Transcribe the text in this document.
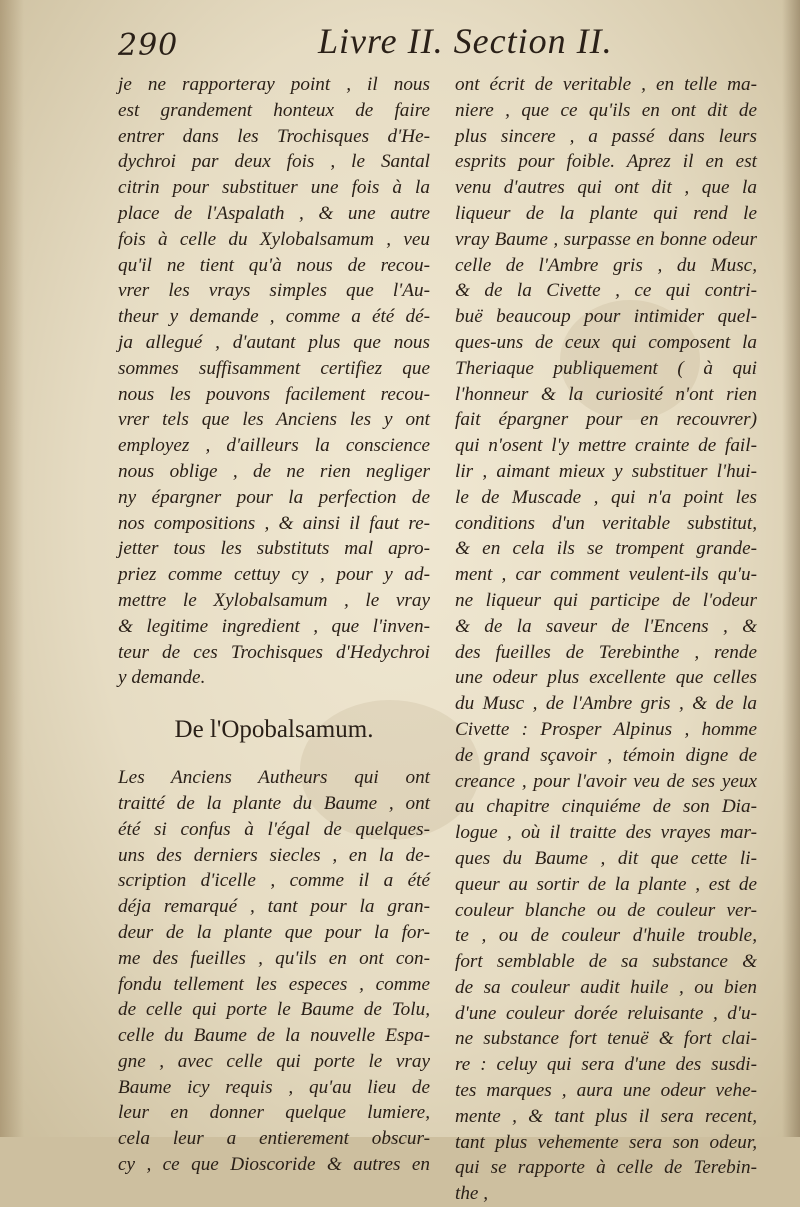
290	Livre II. Section II.
je ne rapporteray point , il nous
est grandement honteux de faire
entrer dans les Trochisques d'He-
dychroi par deux fois , le Santal
citrin pour substituer une fois à la
place de l'Aspalath , & une autre
fois à celle du Xylobalsamum , veu
qu'il ne tient qu'à nous de recou-
vrer les vrays simples que l'Au-
theur y demande , comme a été dé-
ja allegué , d'autant plus que nous
sommes suffisamment certifiez que
nous les pouvons facilement recou-
vrer tels que les Anciens les y ont
employez , d'ailleurs la conscience
nous oblige , de ne rien negliger
ny épargner pour la perfection de
nos compositions , & ainsi il faut re-
jetter tous les substituts mal apro-
priez comme cettuy cy , pour y ad-
mettre le Xylobalsamum , le vray
& legitime ingredient , que l'inven-
teur de ces Trochisques d'Hedychroi
y demande.
De l'Opobalsamum.
Les Anciens Autheurs qui ont
traitté de la plante du Baume , ont
été si confus à l'égal de quelques-
uns des derniers siecles , en la de-
scription d'icelle , comme il a été
déja remarqué , tant pour la gran-
deur de la plante que pour la for-
me des fueilles , qu'ils en ont con-
fondu tellement les especes , comme
de celle qui porte le Baume de Tolu,
celle du Baume de la nouvelle Espa-
gne , avec celle qui porte le vray
Baume icy requis , qu'au lieu de
leur en donner quelque lumiere,
cela leur a entierement obscur-
cy , ce que Dioscoride & autres en
ont écrit de veritable , en telle ma-
niere , que ce qu'ils en ont dit de
plus sincere , a passé dans leurs
esprits pour foible. Aprez il en est
venu d'autres qui ont dit , que la
liqueur de la plante qui rend le
vray Baume , surpasse en bonne odeur
celle de l'Ambre gris , du Musc,
& de la Civette , ce qui contri-
buë beaucoup pour intimider quel-
ques-uns de ceux qui composent la
Theriaque publiquement ( à qui
l'honneur & la curiosité n'ont rien
fait épargner pour en recouvrer)
qui n'osent l'y mettre crainte de fail-
lir , aimant mieux y substituer l'hui-
le de Muscade , qui n'a point les
conditions d'un veritable substitut,
& en cela ils se trompent grande-
ment , car comment veulent-ils qu'u-
ne liqueur qui participe de l'odeur
& de la saveur de l'Encens , &
des fueilles de Terebinthe , rende
une odeur plus excellente que celles
du Musc , de l'Ambre gris , & de la
Civette : Prosper Alpinus , homme
de grand sçavoir , témoin digne de
creance , pour l'avoir veu de ses yeux
au chapitre cinquiéme de son Dia-
logue , où il traitte des vrayes mar-
ques du Baume , dit que cette li-
queur au sortir de la plante , est de
couleur blanche ou de couleur ver-
te , ou de couleur d'huile trouble,
fort semblable de sa substance &
de sa couleur audit huile , ou bien
d'une couleur dorée reluisante , d'u-
ne substance fort tenuë & fort clai-
re : celuy qui sera d'une des susdi-
tes marques , aura une odeur vehe-
mente , & tant plus il sera recent,
tant plus vehemente sera son odeur,
qui se rapporte à celle de Terebin-
the ,
